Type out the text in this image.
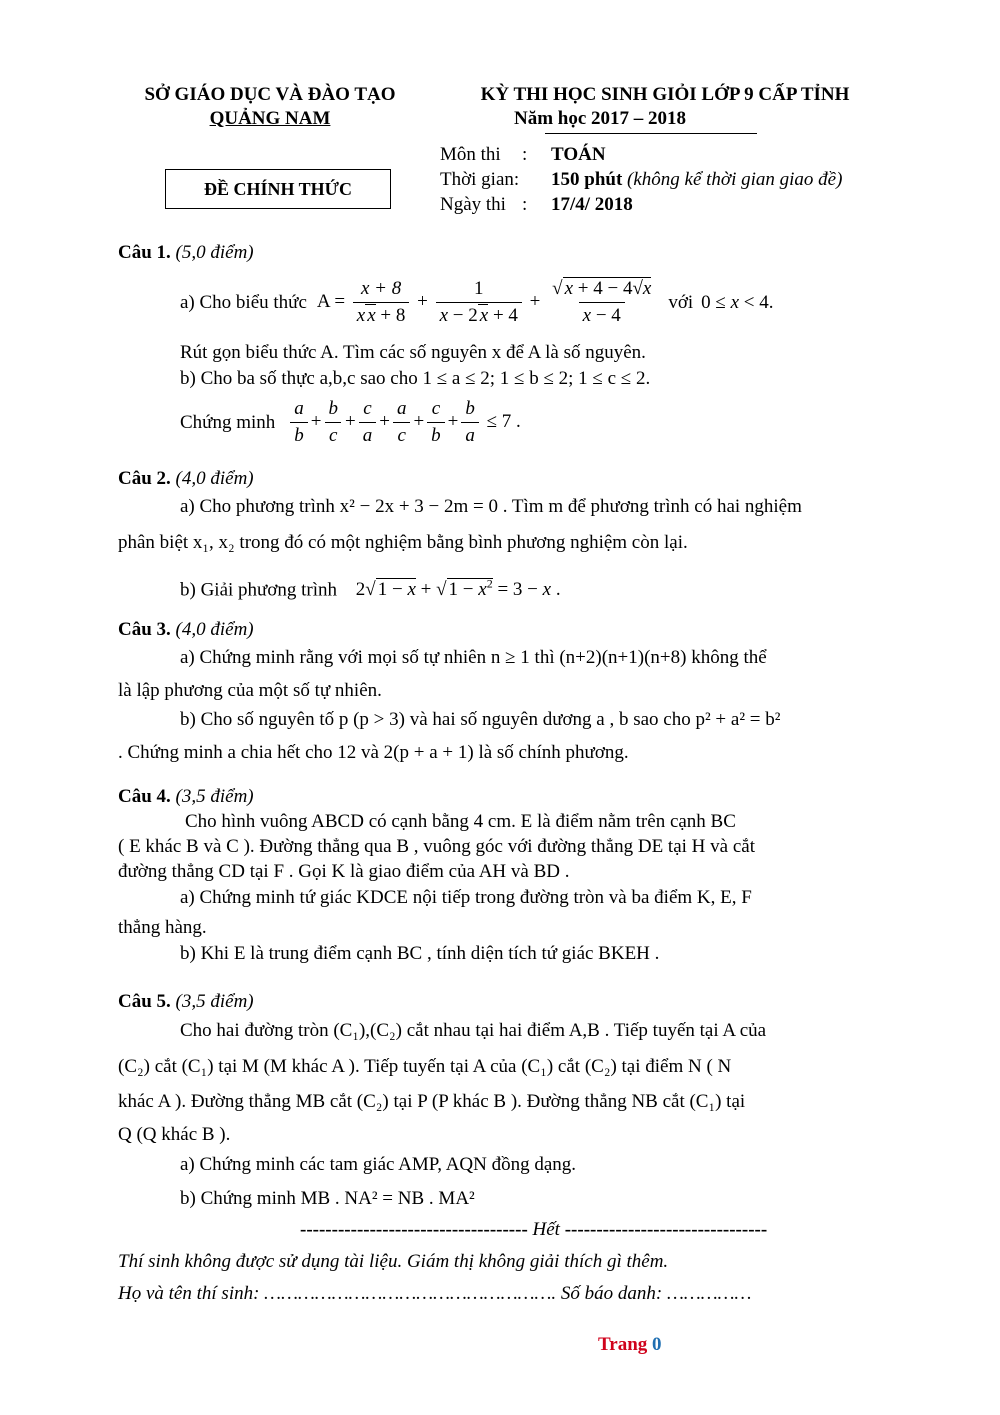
SỞ GIÁO DỤC VÀ ĐÀO TẠO
QUẢNG NAM
KỲ THI HỌC SINH GIỎI LỚP 9 CẤP TỈNH
Năm học 2017 – 2018
ĐỀ CHÍNH THỨC
Môn thi : TOÁN
Thời gian: 150 phút (không kể thời gian giao đề)
Ngày thi : 17/4/ 2018
Câu 1. (5,0 điểm)
a) Cho biểu thức $A = \frac{x + 8}{\text{x x + 8}} + \frac{1}{x - 2 x + 4} + \frac{√ x + 4 - 4√x}{x - 4}$ với 0 ≤ x < 4.
Rút gọn biểu thức A. Tìm các số nguyên x để A là số nguyên.
b) Cho ba số thực a,b,c sao cho 1 ≤ a ≤ 2; 1 ≤ b ≤ 2; 1 ≤ c ≤ 2.
Chứng minh $\frac{a}{b} + \frac{b}{c} + \frac{c}{a} + \frac{a}{c} + \frac{c}{b} + \frac{b}{a} \le 7$ .
Câu 2. (4,0 điểm)
a) Cho phương trình x² − 2x + 3 − 2m = 0 . Tìm m để phương trình có hai nghiệm
phân biệt x₁, x₂ trong đó có một nghiệm bằng bình phương nghiệm còn lại.
b) Giải phương trình 2√ 1 − x + √ $1 - x^2 = 3 - x$ .
Câu 3. (4,0 điểm)
a) Chứng minh rằng với mọi số tự nhiên n ≥ 1 thì (n+2)(n+1)(n+8) không thể
là lập phương của một số tự nhiên.
b) Cho số nguyên tố p (p > 3) và hai số nguyên dương a , b sao cho p² + a² = b²
. Chứng minh a chia hết cho 12 và 2(p + a + 1) là số chính phương.
Câu 4. (3,5 điểm)
Cho hình vuông ABCD có cạnh bằng 4 cm. E là điểm nằm trên cạnh BC
( E khác B và C ). Đường thẳng qua B , vuông góc với đường thẳng DE tại H và cắt
đường thẳng CD tại F . Gọi K là giao điểm của AH và BD .
a) Chứng minh tứ giác KDCE nội tiếp trong đường tròn và ba điểm K, E, F
thẳng hàng.
b) Khi E là trung điểm cạnh BC , tính diện tích tứ giác BKEH .
Câu 5. (3,5 điểm)
Cho hai đường tròn (C₁),(C₂) cắt nhau tại hai điểm A,B . Tiếp tuyến tại A của
(C₂) cắt (C₁) tại M (M khác A ). Tiếp tuyến tại A của (C₁) cắt (C₂) tại điểm N ( N
khác A ). Đường thẳng MB cắt (C₂) tại P (P khác B ). Đường thẳng NB cắt (C₁) tại
Q (Q khác B ).
a) Chứng minh các tam giác AMP, AQN đồng dạng.
b) Chứng minh MB . NA² = NB . MA²
------------------------------------ Hết --------------------------------
Thí sinh không được sử dụng tài liệu. Giám thị không giải thích gì thêm.
Họ và tên thí sinh: ……………………………………………. Số báo danh: ……………
Trang 0
